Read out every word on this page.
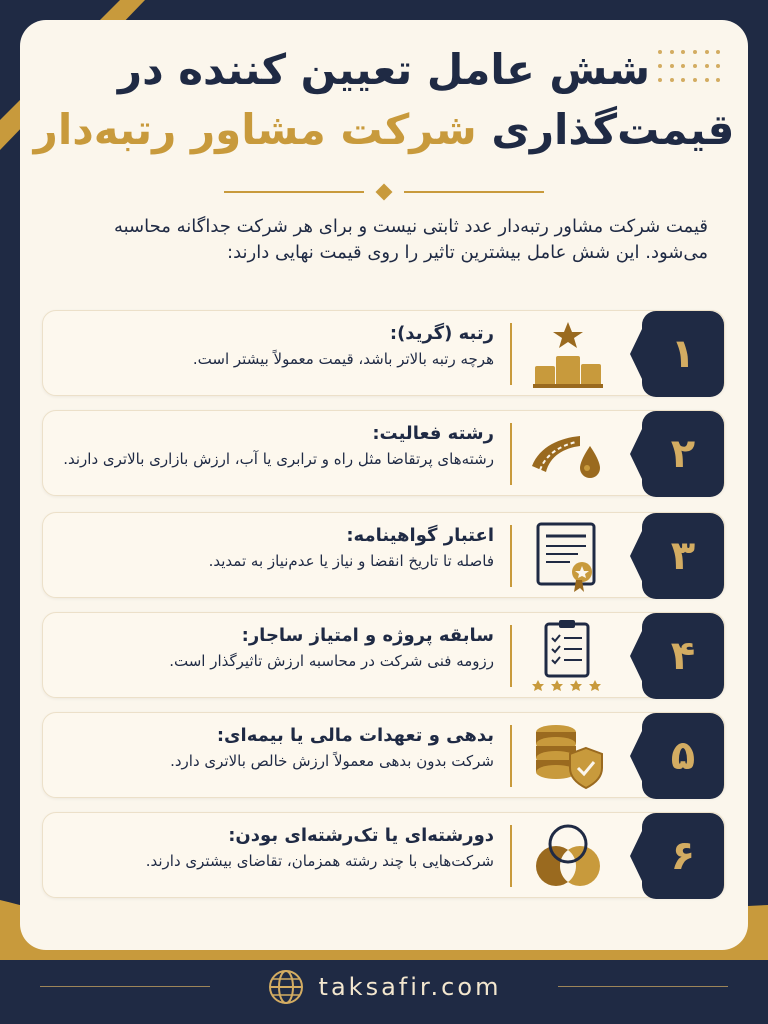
شش عامل تعیین کننده در
قیمت‌گذاری شرکت مشاور رتبه‌دار
قیمت شرکت مشاور رتبه‌دار عدد ثابتی نیست و برای هر شرکت جداگانه محاسبه می‌شود. این شش عامل بیشترین تاثیر را روی قیمت نهایی دارند:
۱
رتبه (گرید):
هرچه رتبه بالاتر باشد، قیمت معمولاً بیشتر است.
۲
رشته فعالیت:
رشته‌های پرتقاضا مثل راه و ترابری یا آب، ارزش بازاری بالاتری دارند.
۳
اعتبار گواهینامه:
فاصله تا تاریخ انقضا و نیاز یا عدم‌نیاز به تمدید.
۴
سابقه پروژه و امتیاز ساجار:
رزومه فنی شرکت در محاسبه ارزش تاثیرگذار است.
۵
بدهی و تعهدات مالی یا بیمه‌ای:
شرکت بدون بدهی معمولاً ارزش خالص بالاتری دارد.
۶
دورشته‌ای یا تک‌رشته‌ای بودن:
شرکت‌هایی با چند رشته همزمان، تقاضای بیشتری دارند.
taksafir.com
